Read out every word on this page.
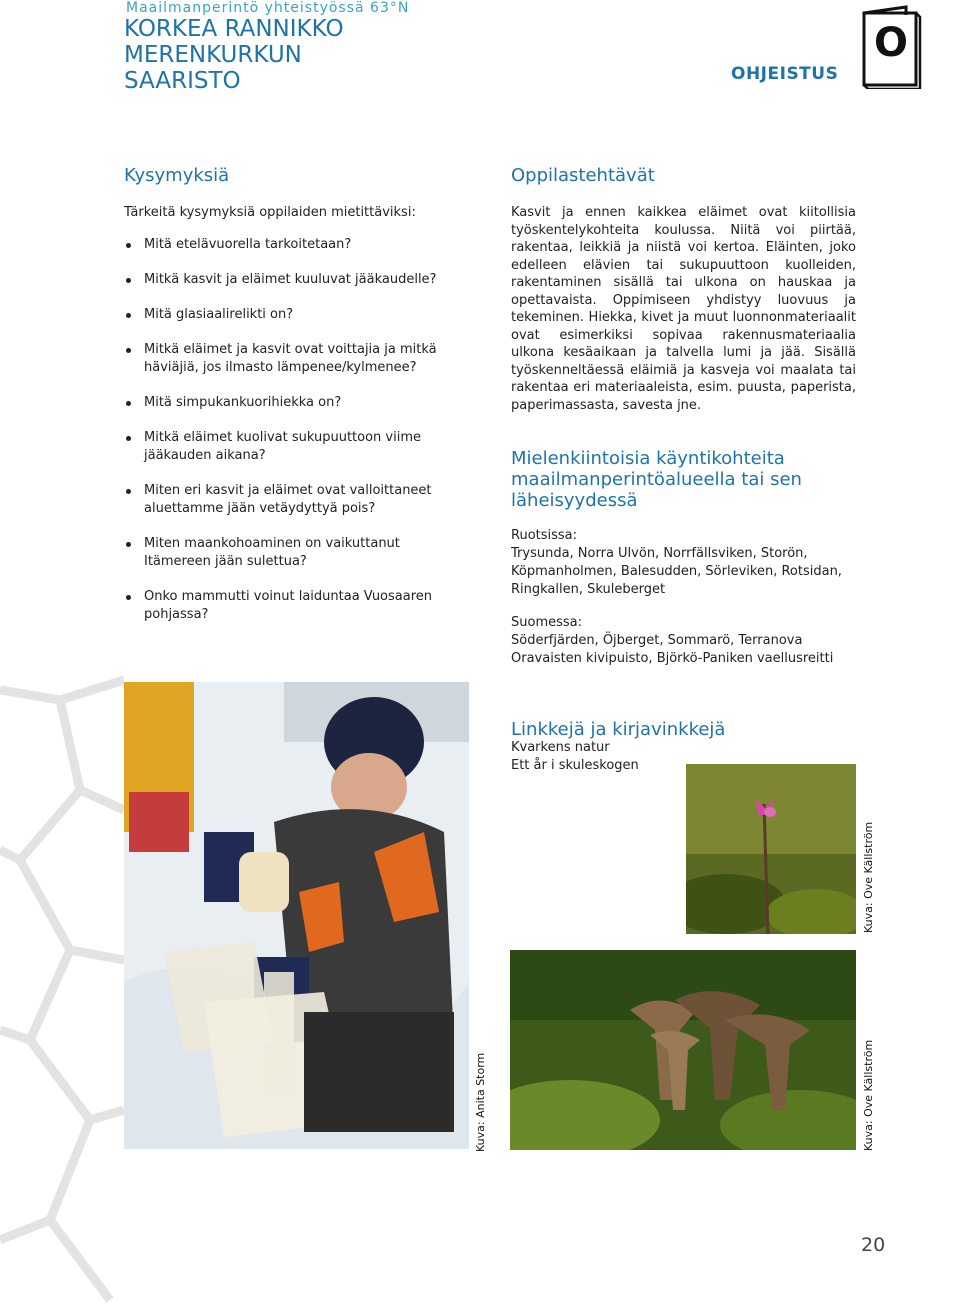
Maailmanperintö yhteistyössä 63°N
KORKEA RANNIKKO
MERENKURKUN
SAARISTO	OHJEISTUS
O
Kysymyksiä
Tärkeitä kysymyksiä oppilaiden mietittäviksi:
Mitä etelävuorella tarkoitetaan?
Mitkä kasvit ja eläimet kuuluvat jääkaudelle?
Mitä glasiaalirelikti on?
Mitkä eläimet ja kasvit ovat voittajia ja mitkä häviäjiä, jos ilmasto lämpenee/kylmenee?
Mitä simpukankuorihiekka on?
Mitkä eläimet kuolivat sukupuuttoon viime jääkauden aikana?
Miten eri kasvit ja eläimet ovat valloittaneet aluettamme jään vetäydyttyä pois?
Miten maankohoaminen on vaikuttanut Itämereen jään sulettua?
Onko mammutti voinut laiduntaa Vuosaaren pohjassa?
Oppilastehtävät
Kasvit ja ennen kaikkea eläimet ovat kiitollisia työskentelykohteita koulussa. Niitä voi piirtää, rakentaa, leikkiä ja niistä voi kertoa. Eläinten, joko edelleen elävien tai sukupuuttoon kuolleiden, rakentaminen sisällä tai ulkona on hauskaa ja opettavaista. Oppimiseen yhdistyy luovuus ja tekeminen. Hiekka, kivet ja muut luonnonmateriaalit ovat esimerkiksi sopivaa rakennusmateriaalia ulkona kesäaikaan ja talvella lumi ja jää. Sisällä työskenneltäessä eläimiä ja kasveja voi maalata tai rakentaa eri materiaaleista, esim. puusta, paperista, paperimassasta, savesta jne.
Mielenkiintoisia käyntikohteita
maailmanperintöalueella tai sen
läheisyydessä
Ruotsissa:
Trysunda, Norra Ulvön, Norrfällsviken, Storön,
Köpmanholmen, Balesudden, Sörleviken, Rotsidan,
Ringkallen, Skuleberget
Suomessa:
Söderfjärden, Öjberget, Sommarö, Terranova
Oravaisten kivipuisto, Björkö-Paniken vaellusreitti
Linkkejä ja kirjavinkkejä
Kvarkens natur
Ett år i skuleskogen
Kuva: Anita Storm
Kuva: Ove Källström
Kuva: Ove Källström
20
